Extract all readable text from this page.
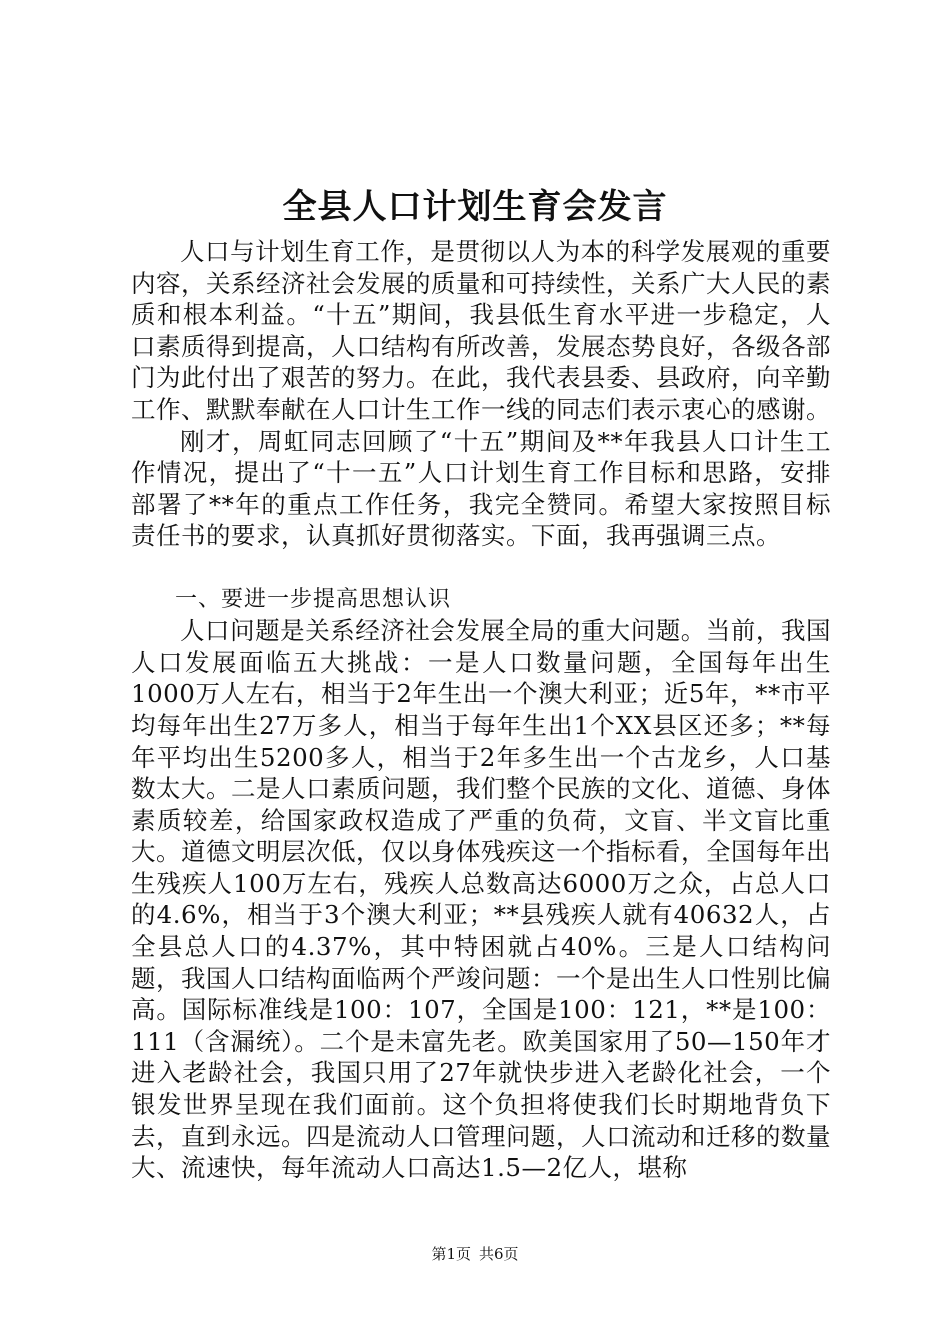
全县人口计划生育会发言

人口与计划生育工作，是贯彻以人为本的科学发展观的重要内容，关系经济社会发展的质量和可持续性，关系广大人民的素质和根本利益。“十五”期间，我县低生育水平进一步稳定，人口素质得到提高，人口结构有所改善，发展态势良好，各级各部门为此付出了艰苦的努力。在此，我代表县委、县政府，向辛勤工作、默默奉献在人口计生工作一线的同志们表示衷心的感谢。

刚才，周虹同志回顾了“十五”期间及**年我县人口计生工作情况，提出了“十一五”人口计划生育工作目标和思路，安排部署了**年的重点工作任务，我完全赞同。希望大家按照目标责任书的要求，认真抓好贯彻落实。下面，我再强调三点。

一、要进一步提高思想认识

人口问题是关系经济社会发展全局的重大问题。当前，我国人口发展面临五大挑战：一是人口数量问题，全国每年出生1000万人左右，相当于2年生出一个澳大利亚；近5年，**市平均每年出生27万多人，相当于每年生出1个XX县区还多；**每年平均出生5200多人，相当于2年多生出一个古龙乡，人口基数太大。二是人口素质问题，我们整个民族的文化、道德、身体素质较差，给国家政权造成了严重的负荷，文盲、半文盲比重大。道德文明层次低，仅以身体残疾这一个指标看，全国每年出生残疾人100万左右，残疾人总数高达6000万之众，占总人口的4.6%，相当于3个澳大利亚；**县残疾人就有40632人，占全县总人口的4.37%，其中特困就占40%。三是人口结构问题，我国人口结构面临两个严竣问题：一个是出生人口性别比偏高。国际标准线是100：107，全国是100：121，**是100：111（含漏统）。二个是未富先老。欧美国家用了50—150年才进入老龄社会，我国只用了27年就快步进入老龄化社会，一个银发世界呈现在我们面前。这个负担将使我们长时期地背负下去，直到永远。四是流动人口管理问题，人口流动和迁移的数量大、流速快，每年流动人口高达1.5—2亿人，堪称

第1页 共6页
